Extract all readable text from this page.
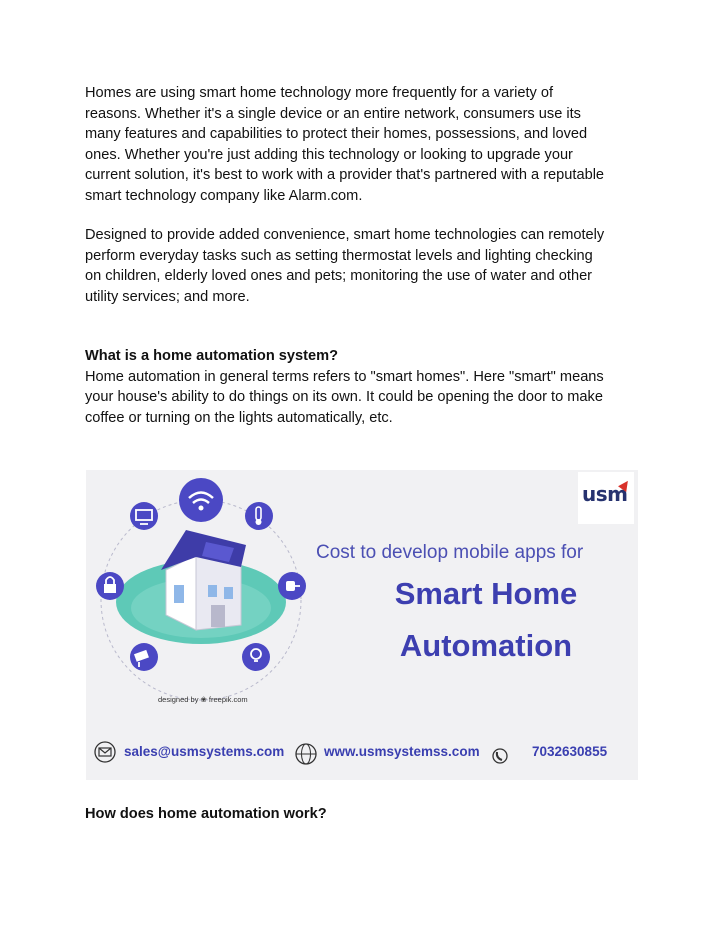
Homes are using smart home technology more frequently for a variety of
reasons. Whether it's a single device or an entire network, consumers use its
many features and capabilities to protect their homes, possessions, and loved
ones. Whether you're just adding this technology or looking to upgrade your
current solution, it's best to work with a provider that's partnered with a reputable
smart technology company like Alarm.com.

Designed to provide added convenience, smart home technologies can remotely
perform everyday tasks such as setting thermostat levels and lighting checking
on children, elderly loved ones and pets; monitoring the use of water and other
utility services; and more.

What is a home automation system?
Home automation in general terms refers to "smart homes". Here "smart" means
your house's ability to do things on its own. It could be opening the door to make
coffee or turning on the lights automatically, etc.

usm
Cost to develop mobile apps for
Smart Home
Automation
designed by ❀ freepik.com
sales@usmsystems.com	www.usmsystemss.com	7032630855

How does home automation work?
